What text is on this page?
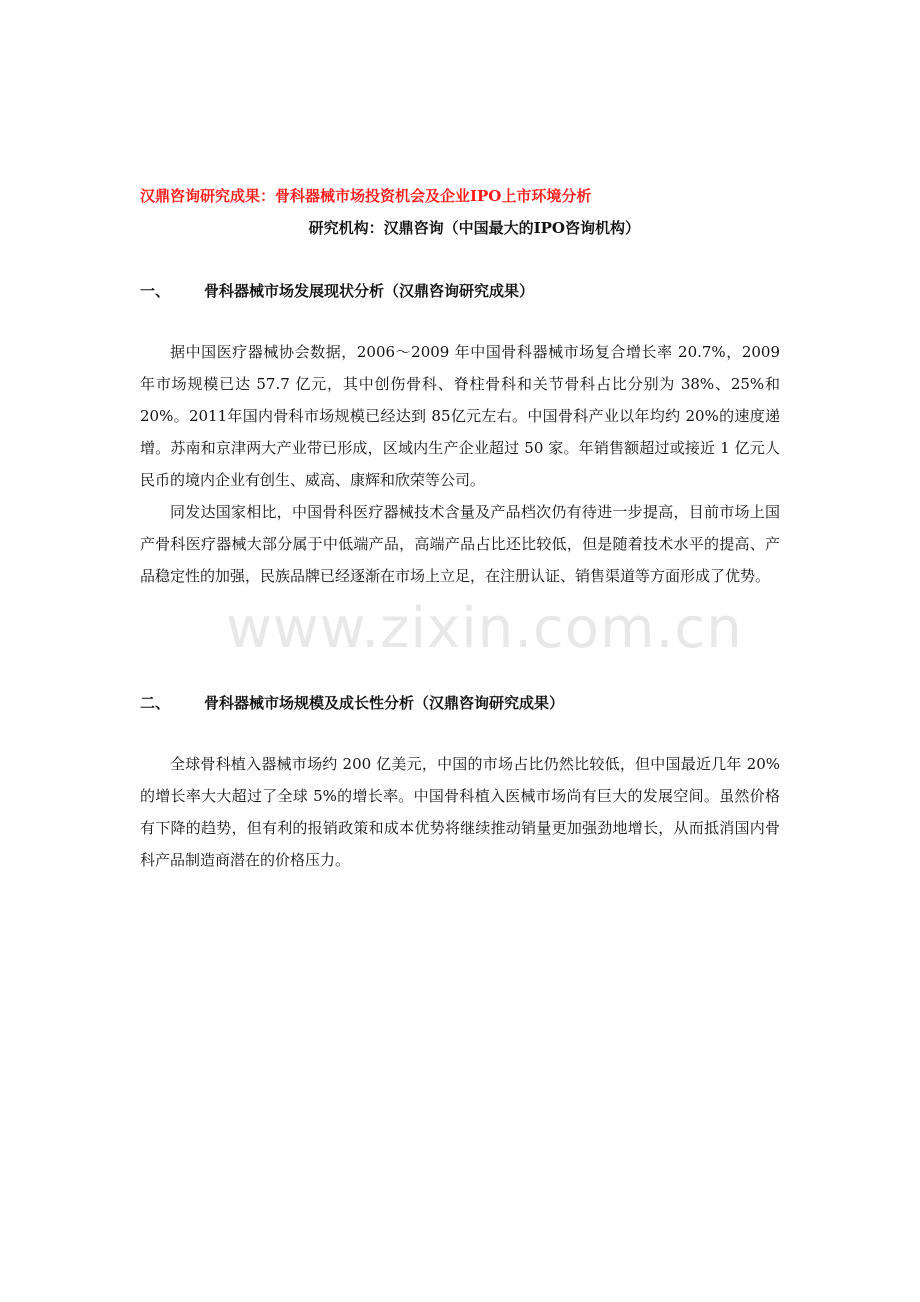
汉鼎咨询研究成果：骨科器械市场投资机会及企业IPO上市环境分析
研究机构：汉鼎咨询（中国最大的IPO咨询机构）
一、 骨科器械市场发展现状分析（汉鼎咨询研究成果）

据中国医疗器械协会数据，2006～2009 年中国骨科器械市场复合增长率 20.7%，2009 年市场规模已达 57.7 亿元，其中创伤骨科、脊柱骨科和关节骨科占比分别为 38%、25%和 20%。2011年国内骨科市场规模已经达到 85亿元左右。中国骨科产业以年均约 20%的速度递增。苏南和京津两大产业带已形成，区域内生产企业超过 50 家。年销售额超过或接近 1 亿元人民币的境内企业有创生、威高、康辉和欣荣等公司。

同发达国家相比，中国骨科医疗器械技术含量及产品档次仍有待进一步提高，目前市场上国产骨科医疗器械大部分属于中低端产品，高端产品占比还比较低，但是随着技术水平的提高、产品稳定性的加强，民族品牌已经逐渐在市场上立足，在注册认证、销售渠道等方面形成了优势。

www.zixin.com.cn
二、 骨科器械市场规模及成长性分析（汉鼎咨询研究成果）

全球骨科植入器械市场约 200 亿美元，中国的市场占比仍然比较低，但中国最近几年 20%的增长率大大超过了全球 5%的增长率。中国骨科植入医械市场尚有巨大的发展空间。虽然价格有下降的趋势，但有利的报销政策和成本优势将继续推动销量更加强劲地增长，从而抵消国内骨科产品制造商潜在的价格压力。
